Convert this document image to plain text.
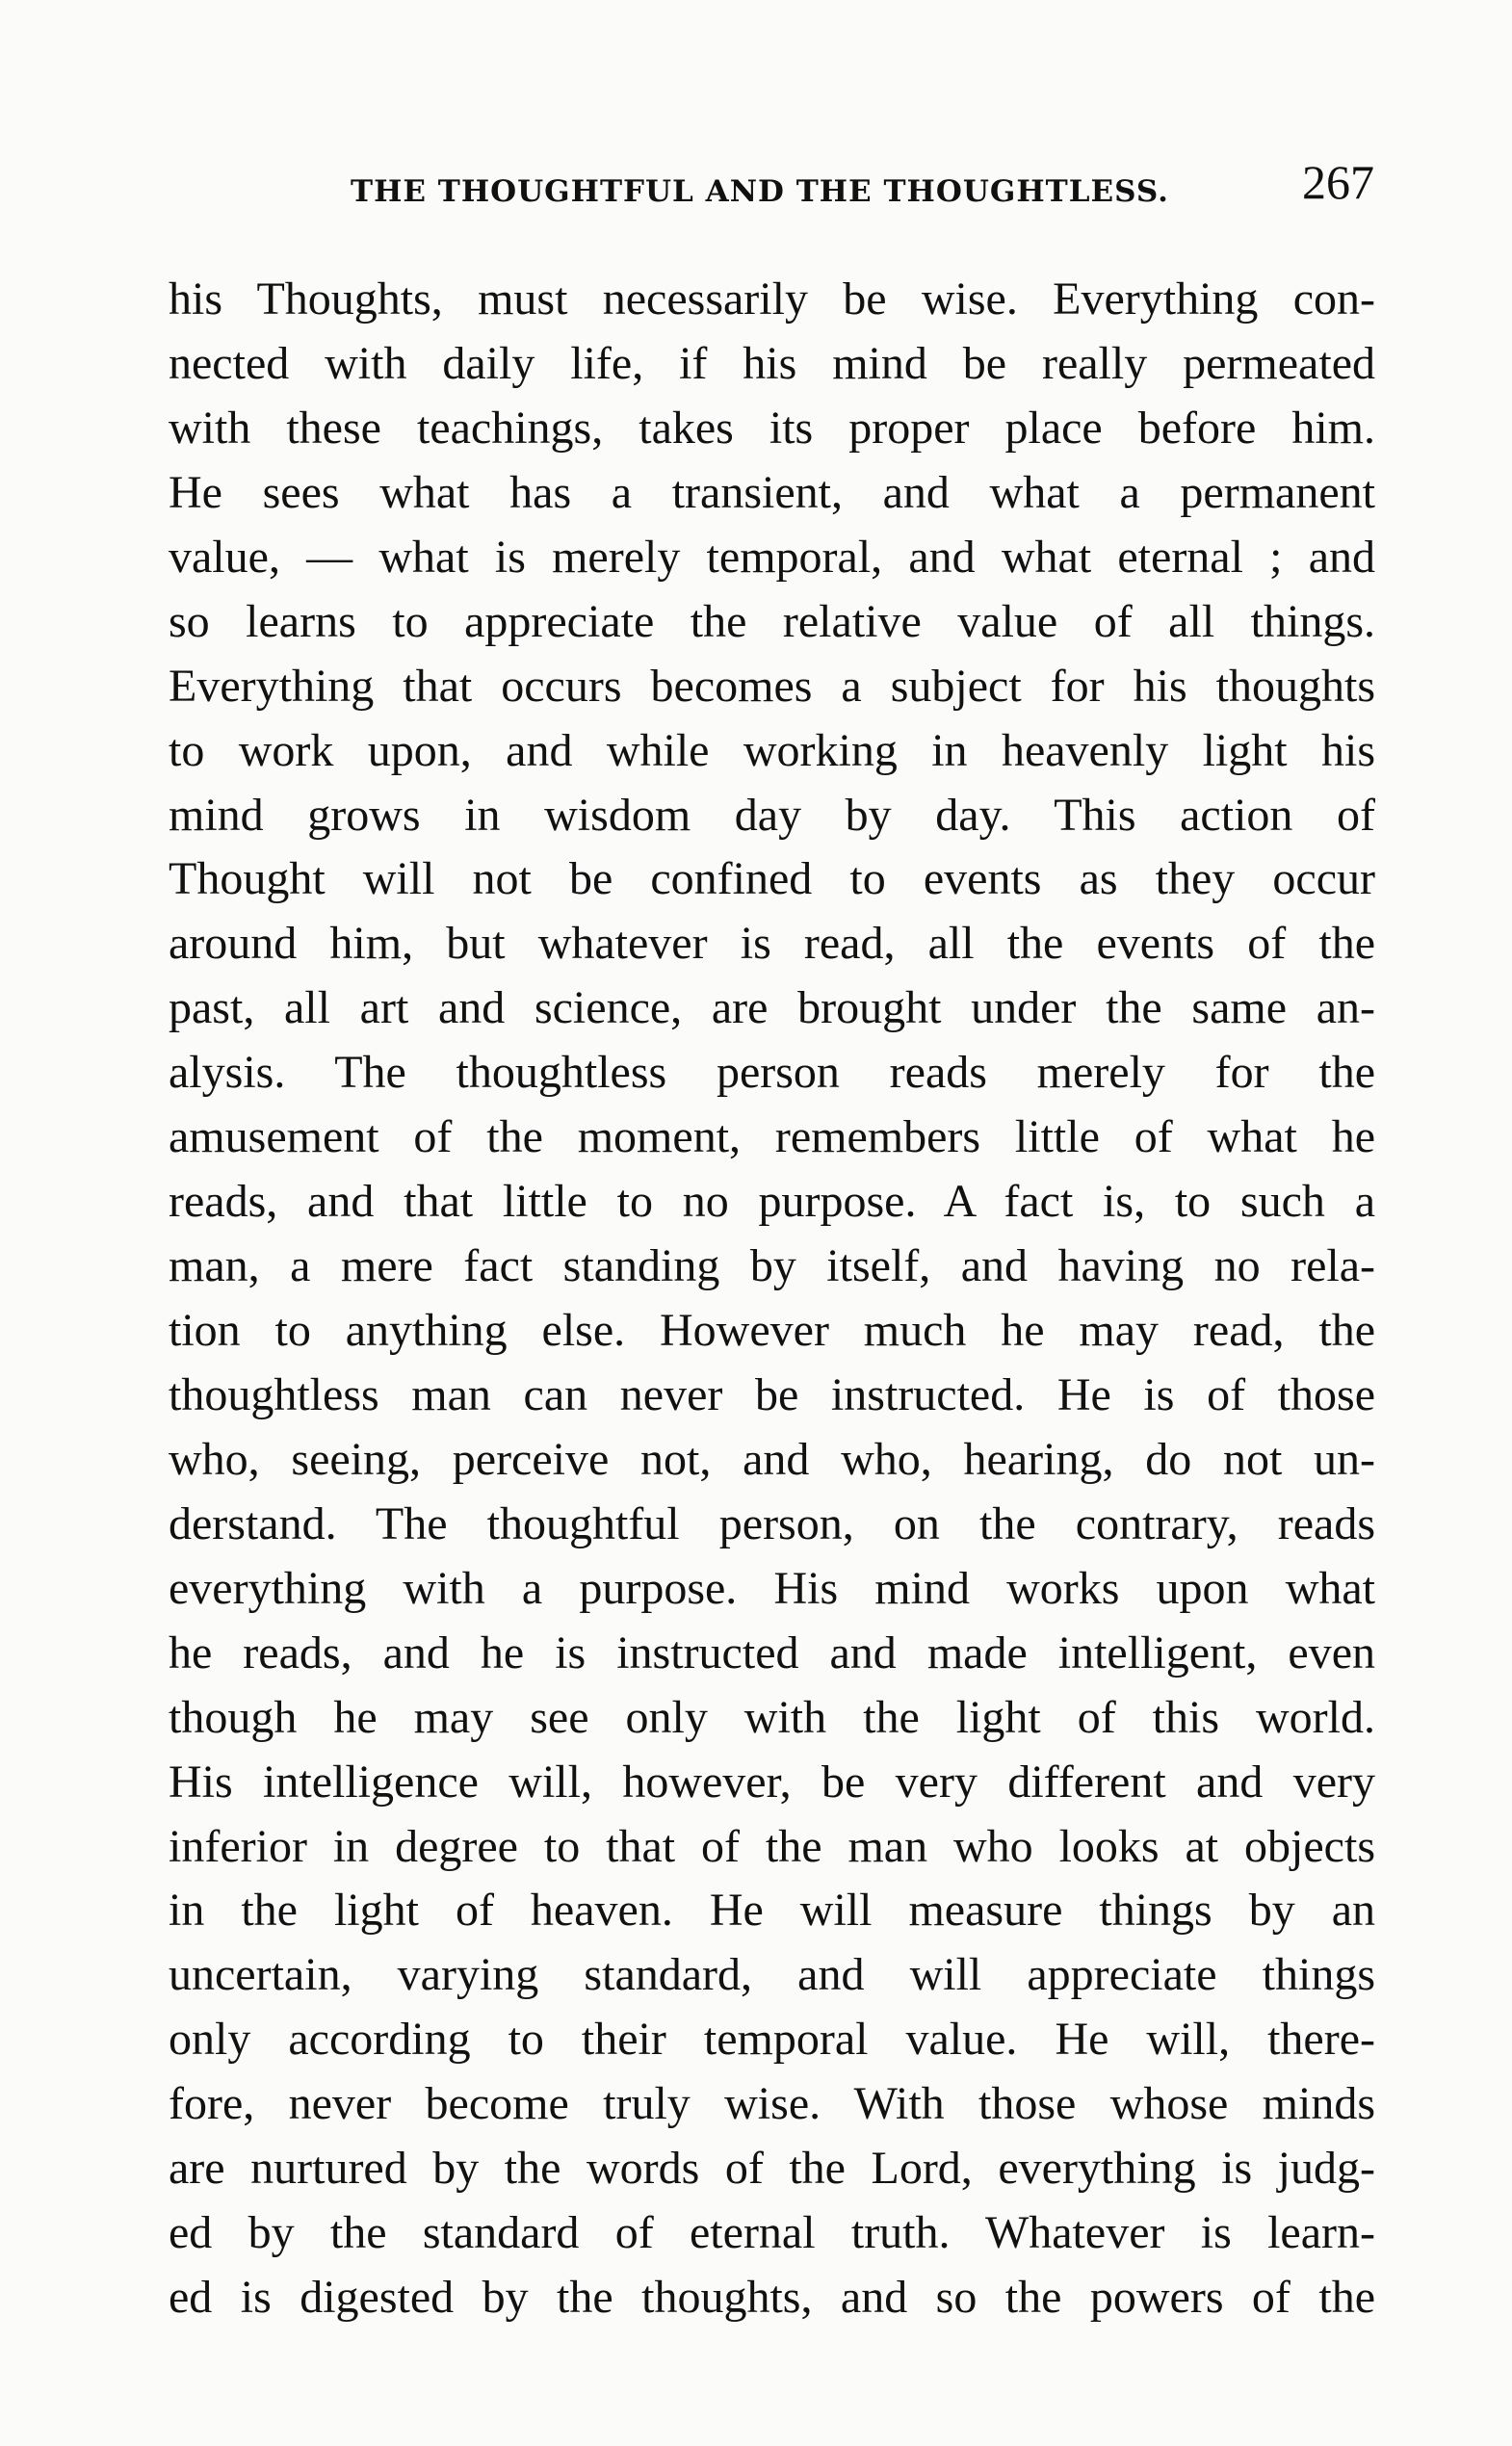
THE THOUGHTFUL AND THE THOUGHTLESS.	267
his Thoughts, must necessarily be wise. Everything con-
nected with daily life, if his mind be really permeated
with these teachings, takes its proper place before him.
He sees what has a transient, and what a permanent
value, — what is merely temporal, and what eternal ; and
so learns to appreciate the relative value of all things.
Everything that occurs becomes a subject for his thoughts
to work upon, and while working in heavenly light his
mind grows in wisdom day by day. This action of
Thought will not be confined to events as they occur
around him, but whatever is read, all the events of the
past, all art and science, are brought under the same an-
alysis. The thoughtless person reads merely for the
amusement of the moment, remembers little of what he
reads, and that little to no purpose. A fact is, to such a
man, a mere fact standing by itself, and having no rela-
tion to anything else. However much he may read, the
thoughtless man can never be instructed. He is of those
who, seeing, perceive not, and who, hearing, do not un-
derstand. The thoughtful person, on the contrary, reads
everything with a purpose. His mind works upon what
he reads, and he is instructed and made intelligent, even
though he may see only with the light of this world.
His intelligence will, however, be very different and very
inferior in degree to that of the man who looks at objects
in the light of heaven. He will measure things by an
uncertain, varying standard, and will appreciate things
only according to their temporal value. He will, there-
fore, never become truly wise. With those whose minds
are nurtured by the words of the Lord, everything is judg-
ed by the standard of eternal truth. Whatever is learn-
ed is digested by the thoughts, and so the powers of the
